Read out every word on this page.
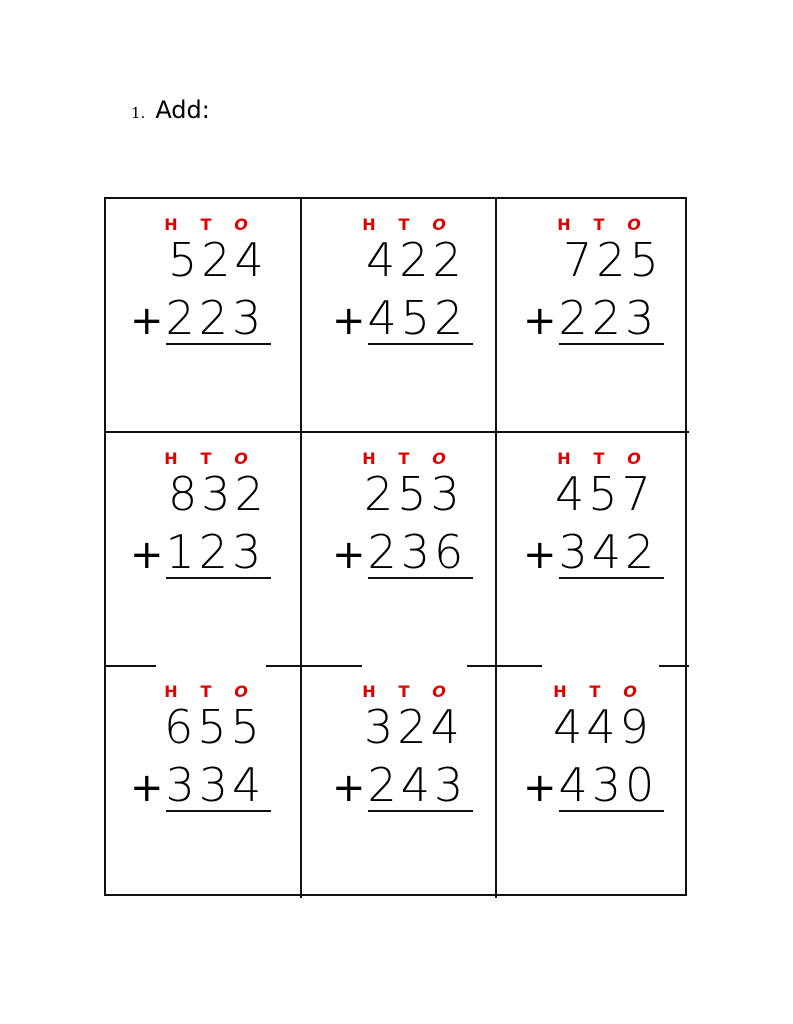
1. Add:
H	T	O
524
+ 223
H	T	O
422
+ 452
H	T	O
725
+ 223
H	T	O
832
+ 123
H	T	O
253
+ 236
H	T	O
457
+ 342
H	T	O
655
+ 334
H	T	O
324
+ 243
H	T	O
449
+ 430
